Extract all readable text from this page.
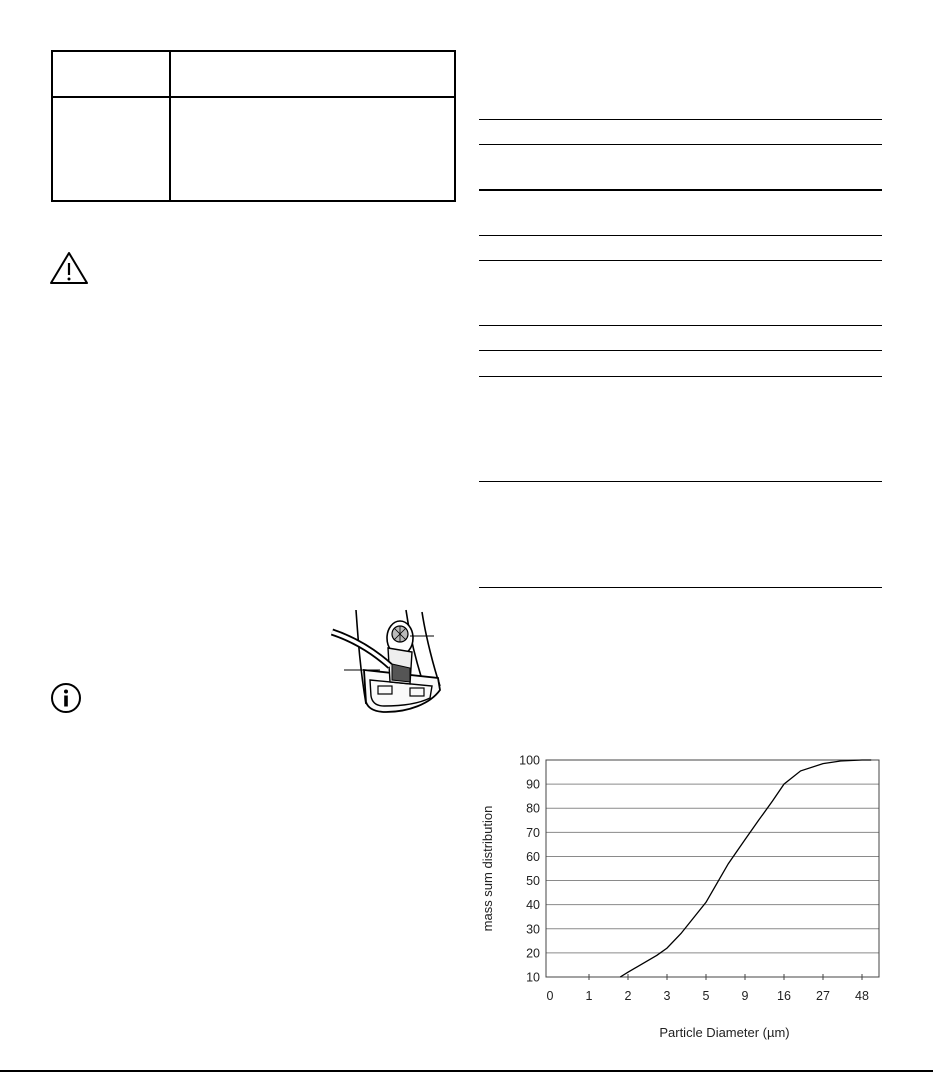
10
20
30
40
50
60
70
80
90
100
0	1	2	3	5	9 16 27 48
Particle Diameter (µm)
mass sum distribution
